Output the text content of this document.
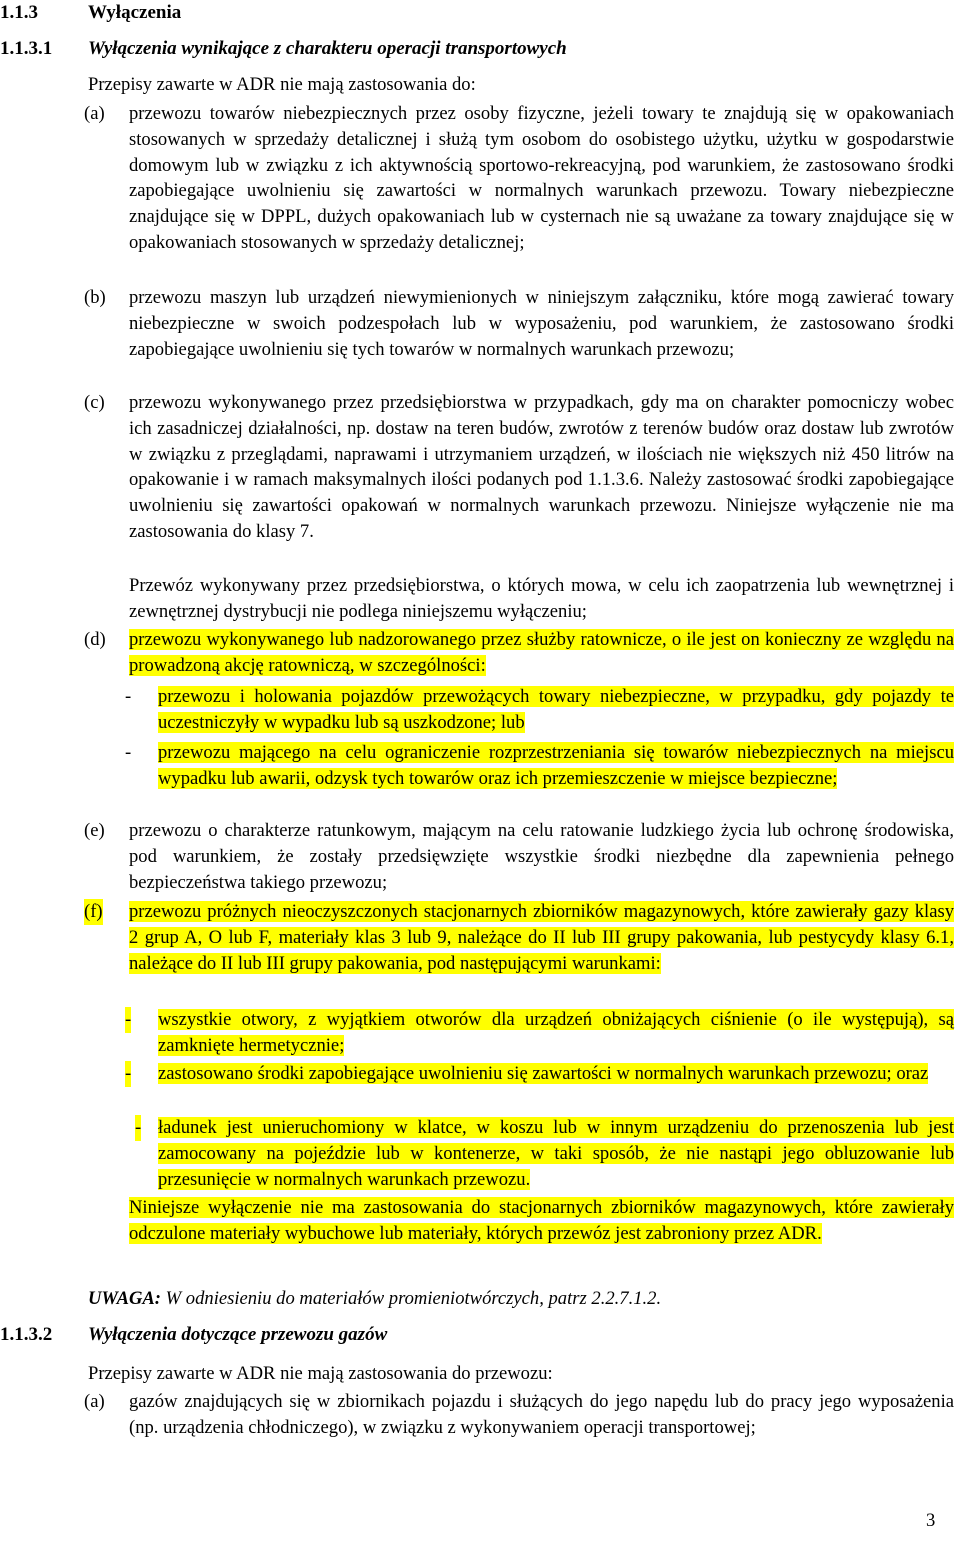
1.1.3	Wyłączenia
1.1.3.1 Wyłączenia wynikające z charakteru operacji transportowych
Przepisy zawarte w ADR nie mają zastosowania do:
(a) przewozu towarów niebezpiecznych przez osoby fizyczne, jeżeli towary te znajdują się w opakowaniach stosowanych w sprzedaży detalicznej i służą tym osobom do osobistego użytku, użytku w gospodarstwie domowym lub w związku z ich aktywnością sportowo-rekreacyjną, pod warunkiem, że zastosowano środki zapobiegające uwolnieniu się zawartości w normalnych warunkach przewozu. Towary niebezpieczne znajdujące się w DPPL, dużych opakowaniach lub w cysternach nie są uważane za towary znajdujące się w opakowaniach stosowanych w sprzedaży detalicznej;
(b) przewozu maszyn lub urządzeń niewymienionych w niniejszym załączniku, które mogą zawierać towary niebezpieczne w swoich podzespołach lub w wyposażeniu, pod warunkiem, że zastosowano środki zapobiegające uwolnieniu się tych towarów w normalnych warunkach przewozu;
(c) przewozu wykonywanego przez przedsiębiorstwa w przypadkach, gdy ma on charakter pomocniczy wobec ich zasadniczej działalności, np. dostaw na teren budów, zwrotów z terenów budów oraz dostaw lub zwrotów w związku z przeglądami, naprawami i utrzymaniem urządzeń, w ilościach nie większych niż 450 litrów na opakowanie i w ramach maksymalnych ilości podanych pod 1.1.3.6. Należy zastosować środki zapobiegające uwolnieniu się zawartości opakowań w normalnych warunkach przewozu. Niniejsze wyłączenie nie ma zastosowania do klasy 7.
Przewóz wykonywany przez przedsiębiorstwa, o których mowa, w celu ich zaopatrzenia lub wewnętrznej i zewnętrznej dystrybucji nie podlega niniejszemu wyłączeniu;
(d) przewozu wykonywanego lub nadzorowanego przez służby ratownicze, o ile jest on konieczny ze względu na prowadzoną akcję ratowniczą, w szczególności:
- przewozu i holowania pojazdów przewożących towary niebezpieczne, w przypadku, gdy pojazdy te uczestniczyły w wypadku lub są uszkodzone; lub
- przewozu mającego na celu ograniczenie rozprzestrzeniania się towarów niebezpiecznych na miejscu wypadku lub awarii, odzysk tych towarów oraz ich przemieszczenie w miejsce bezpieczne;
(e) przewozu o charakterze ratunkowym, mającym na celu ratowanie ludzkiego życia lub ochronę środowiska, pod warunkiem, że zostały przedsięwzięte wszystkie środki niezbędne dla zapewnienia pełnego bezpieczeństwa takiego przewozu;
(f) przewozu próżnych nieoczyszczonych stacjonarnych zbiorników magazynowych, które zawierały gazy klasy 2 grup A, O lub F, materiały klas 3 lub 9, należące do II lub III grupy pakowania, lub pestycydy klasy 6.1, należące do II lub III grupy pakowania, pod następującymi warunkami:
- wszystkie otwory, z wyjątkiem otworów dla urządzeń obniżających ciśnienie (o ile występują), są zamknięte hermetycznie;
- zastosowano środki zapobiegające uwolnieniu się zawartości w normalnych warunkach przewozu; oraz
- ładunek jest unieruchomiony w klatce, w koszu lub w innym urządzeniu do przenoszenia lub jest zamocowany na pojeździe lub w kontenerze, w taki sposób, że nie nastąpi jego obluzowanie lub przesunięcie w normalnych warunkach przewozu.
Niniejsze wyłączenie nie ma zastosowania do stacjonarnych zbiorników magazynowych, które zawierały odczulone materiały wybuchowe lub materiały, których przewóz jest zabroniony przez ADR.
UWAGA: W odniesieniu do materiałów promieniotwórczych, patrz 2.2.7.1.2.
1.1.3.2 Wyłączenia dotyczące przewozu gazów
Przepisy zawarte w ADR nie mają zastosowania do przewozu:
(a) gazów znajdujących się w zbiornikach pojazdu i służących do jego napędu lub do pracy jego wyposażenia (np. urządzenia chłodniczego), w związku z wykonywaniem operacji transportowej;
3
